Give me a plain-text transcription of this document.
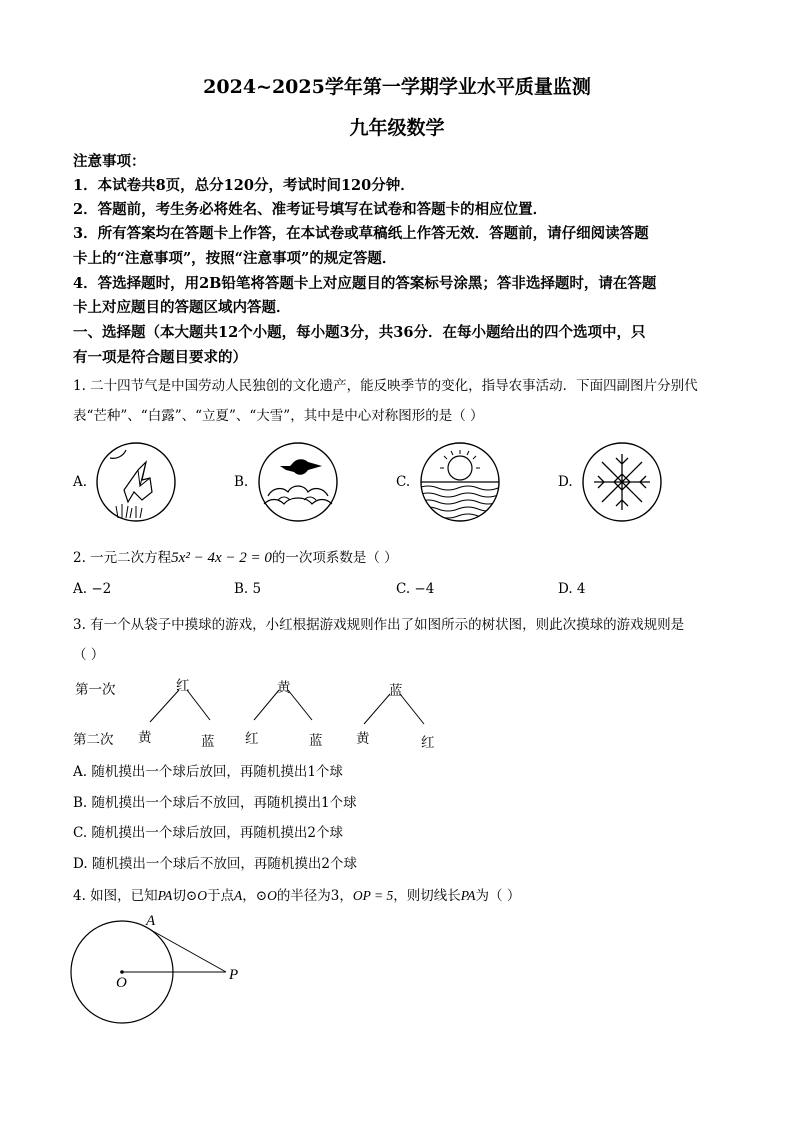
2024~2025学年第一学期学业水平质量监测
九年级数学
注意事项：
1．本试卷共8页，总分120分，考试时间120分钟．
2．答题前，考生务必将姓名、准考证号填写在试卷和答题卡的相应位置．
3．所有答案均在答题卡上作答，在本试卷或草稿纸上作答无效．答题前，请仔细阅读答题
卡上的“注意事项”，按照“注意事项”的规定答题．
4．答选择题时，用2B铅笔将答题卡上对应题目的答案标号涂黑；答非选择题时，请在答题
卡上对应题目的答题区域内答题．
一、选择题（本大题共12个小题，每小题3分，共36分．在每小题给出的四个选项中，只
有一项是符合题目要求的）
1. 二十四节气是中国劳动人民独创的文化遗产，能反映季节的变化，指导农事活动．下面四副图片分别代
表“芒种”、“白露”、“立夏”、“大雪”，其中是中心对称图形的是（ ）
A.	B.	C.	D.
2. 一元二次方程5x² − 4x − 2 = 0的一次项系数是（ ）
A. −2	B. 5	C. −4	D. 4
3. 有一个从袋子中摸球的游戏，小红根据游戏规则作出了如图所示的树状图，则此次摸球的游戏规则是
（ ）
第一次
第二次
红
黄	蓝
黄
红	蓝
蓝
黄	红
A. 随机摸出一个球后放回，再随机摸出1个球
B. 随机摸出一个球后不放回，再随机摸出1个球
C. 随机摸出一个球后放回，再随机摸出2个球
D. 随机摸出一个球后不放回，再随机摸出2个球
4. 如图，已知PA切⊙O于点A，⊙O的半径为3，OP = 5，则切线长PA为（ ）
A
O	P
